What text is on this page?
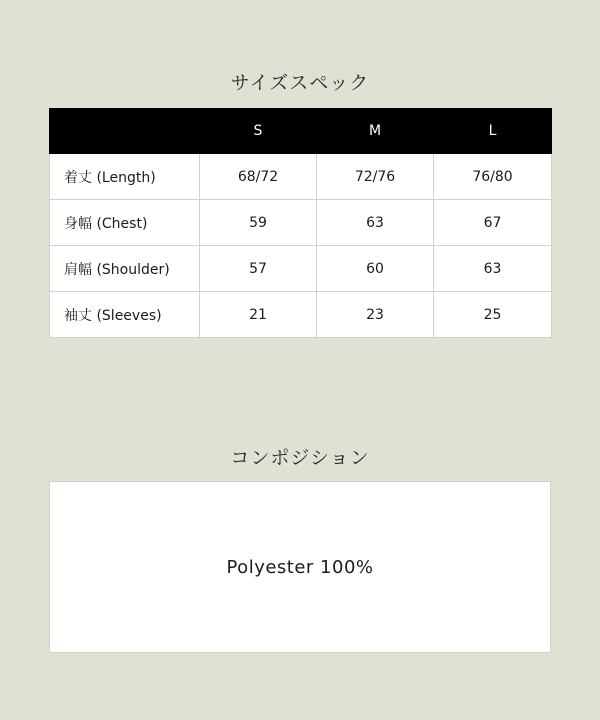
サイズスペック
	S	M	L
着丈 (Length)	68/72	72/76	76/80
身幅 (Chest)	59	63	67
肩幅 (Shoulder)	57	60	63
袖丈 (Sleeves)	21	23	25
コンポジション
Polyester 100%
